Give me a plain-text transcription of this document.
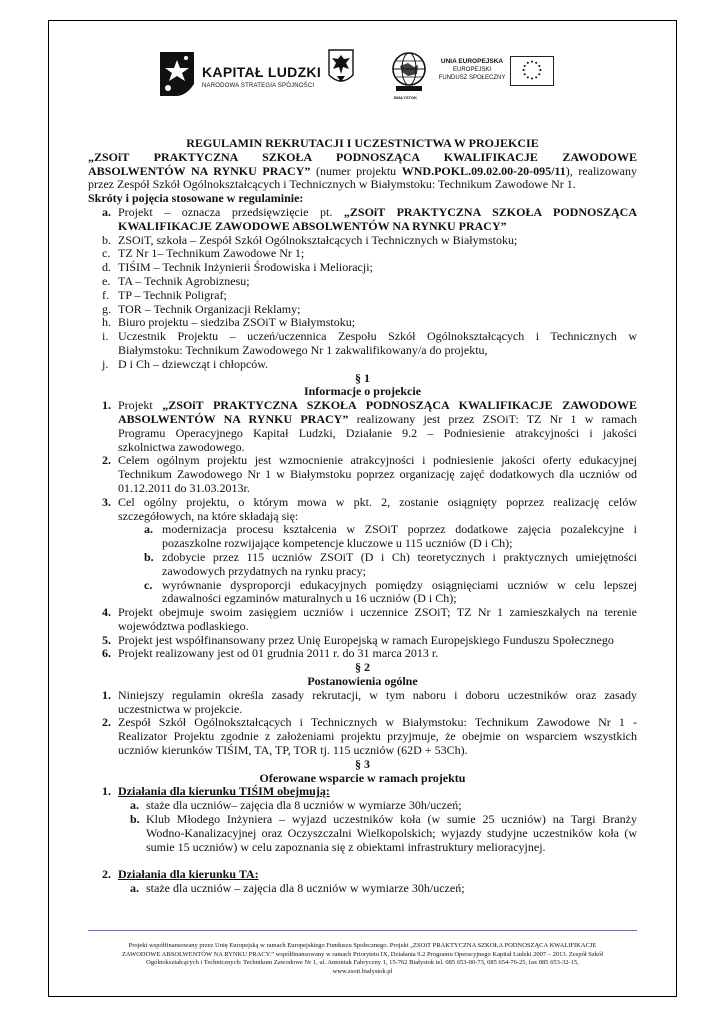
KAPITAŁ LUDZKI
NARODOWA STRATEGIA SPÓJNOŚCI
BIAŁYSTOK
UNIA EUROPEJSKA
EUROPEJSKI
FUNDUSZ SPOŁECZNY

REGULAMIN REKRUTACJI I UCZESTNICTWA W PROJEKCIE

„ZSOiT PRAKTYCZNA SZKOŁA PODNOSZĄCA KWALIFIKACJE ZAWODOWE

ABSOLWENTÓW NA RYNKU PRACY” (numer projektu WND.POKL.09.02.00-20-095/11), realizowany

przez Zespół Szkół Ogólnokształcących i Technicznych w Białymstoku: Technikum Zawodowe Nr 1.

Skróty i pojęcia stosowane w regulaminie:

a. Projekt – oznacza przedsięwzięcie pt. „ZSOiT PRAKTYCZNA SZKOŁA PODNOSZĄCA

KWALIFIKACJE ZAWODOWE ABSOLWENTÓW NA RYNKU PRACY”

b. ZSOiT, szkoła – Zespół Szkół Ogólnokształcących i Technicznych w Białymstoku;

c. TZ Nr 1– Technikum Zawodowe Nr 1;

d. TIŚIM – Technik Inżynierii Środowiska i Melioracji;

e. TA – Technik Agrobiznesu;

f. TP – Technik Poligraf;

g. TOR – Technik Organizacji Reklamy;

h. Biuro projektu – siedziba ZSOiT w Białymstoku;

i. Uczestnik Projektu – uczeń/uczennica Zespołu Szkół Ogólnokształcących i Technicznych w

Białymstoku: Technikum Zawodowego Nr 1 zakwalifikowany/a do projektu,

j. D i Ch – dziewcząt i chłopców.

§ 1

Informacje o projekcie

1. Projekt „ZSOiT PRAKTYCZNA SZKOŁA PODNOSZĄCA KWALIFIKACJE ZAWODOWE

ABSOLWENTÓW NA RYNKU PRACY” realizowany jest przez ZSOiT: TZ Nr 1 w ramach

Programu Operacyjnego Kapitał Ludzki, Działanie 9.2 – Podniesienie atrakcyjności i jakości

szkolnictwa zawodowego.

2. Celem ogólnym projektu jest wzmocnienie atrakcyjności i podniesienie jakości oferty edukacyjnej

Technikum Zawodowego Nr 1 w Białymstoku poprzez organizację zajęć dodatkowych dla uczniów od

01.12.2011 do 31.03.2013r.

3. Cel ogólny projektu, o którym mowa w pkt. 2, zostanie osiągnięty poprzez realizację celów

szczegółowych, na które składają się:

a. modernizacja procesu kształcenia w ZSOiT poprzez dodatkowe zajęcia pozalekcyjne i

pozaszkolne rozwijające kompetencje kluczowe u 115 uczniów (D i Ch);

b. zdobycie przez 115 uczniów ZSOiT (D i Ch) teoretycznych i praktycznych umiejętności

zawodowych przydatnych na rynku pracy;

c. wyrównanie dysproporcji edukacyjnych pomiędzy osiągnięciami uczniów w celu lepszej

zdawalności egzaminów maturalnych u 16 uczniów (D i Ch);

4. Projekt obejmuje swoim zasięgiem uczniów i uczennice ZSOiT; TZ Nr 1 zamieszkałych na terenie

województwa podlaskiego.

5. Projekt jest współfinansowany przez Unię Europejską w ramach Europejskiego Funduszu Społecznego

6. Projekt realizowany jest od 01 grudnia 2011 r. do 31 marca 2013 r.

§ 2

Postanowienia ogólne

1. Niniejszy regulamin określa zasady rekrutacji, w tym naboru i doboru uczestników oraz zasady

uczestnictwa w projekcie.

2. Zespół Szkół Ogólnokształcących i Technicznych w Białymstoku: Technikum Zawodowe Nr 1 -

Realizator Projektu zgodnie z założeniami projektu przyjmuje, że obejmie on wsparciem wszystkich

uczniów kierunków TIŚIM, TA, TP, TOR tj. 115 uczniów (62D + 53Ch).

§ 3

Oferowane wsparcie w ramach projektu

1. Działania dla kierunku TIŚIM obejmują:

a. staże dla uczniów– zajęcia dla 8 uczniów w wymiarze 30h/uczeń;

b. Klub Młodego Inżyniera – wyjazd uczestników koła (w sumie 25 uczniów) na Targi Branży

Wodno-Kanalizacyjnej oraz Oczyszczalni Wielkopolskich; wyjazdy studyjne uczestników koła (w

sumie 15 uczniów) w celu zapoznania się z obiektami infrastruktury melioracyjnej.

2. Działania dla kierunku TA:

a. staże dla uczniów – zajęcia dla 8 uczniów w wymiarze 30h/uczeń;

Projekt współfinansowany przez Unię Europejską w ramach Europejskiego Funduszu Społecznego. Projekt „ZSOiT PRAKTYCZNA SZKOŁA PODNOSZĄCA KWALIFIKACJE
ZAWODOWE ABSOLWENTÓW NA RYNKU PRACY.” współfinansowany w ramach Priorytetu IX, Działania 9.2 Programu Operacyjnego Kapitał Ludzki 2007 – 2013. Zespół Szkół
Ogólnokształcących i Technicznych: Technikum Zawodowe Nr 1, ul. Antoniuk Fabryczny 1, 15-762 Białystok tel. 085 653-00-73, 085 654-76-25, fax 085 653-32-15,
www.zsoit.bialystok.pl
